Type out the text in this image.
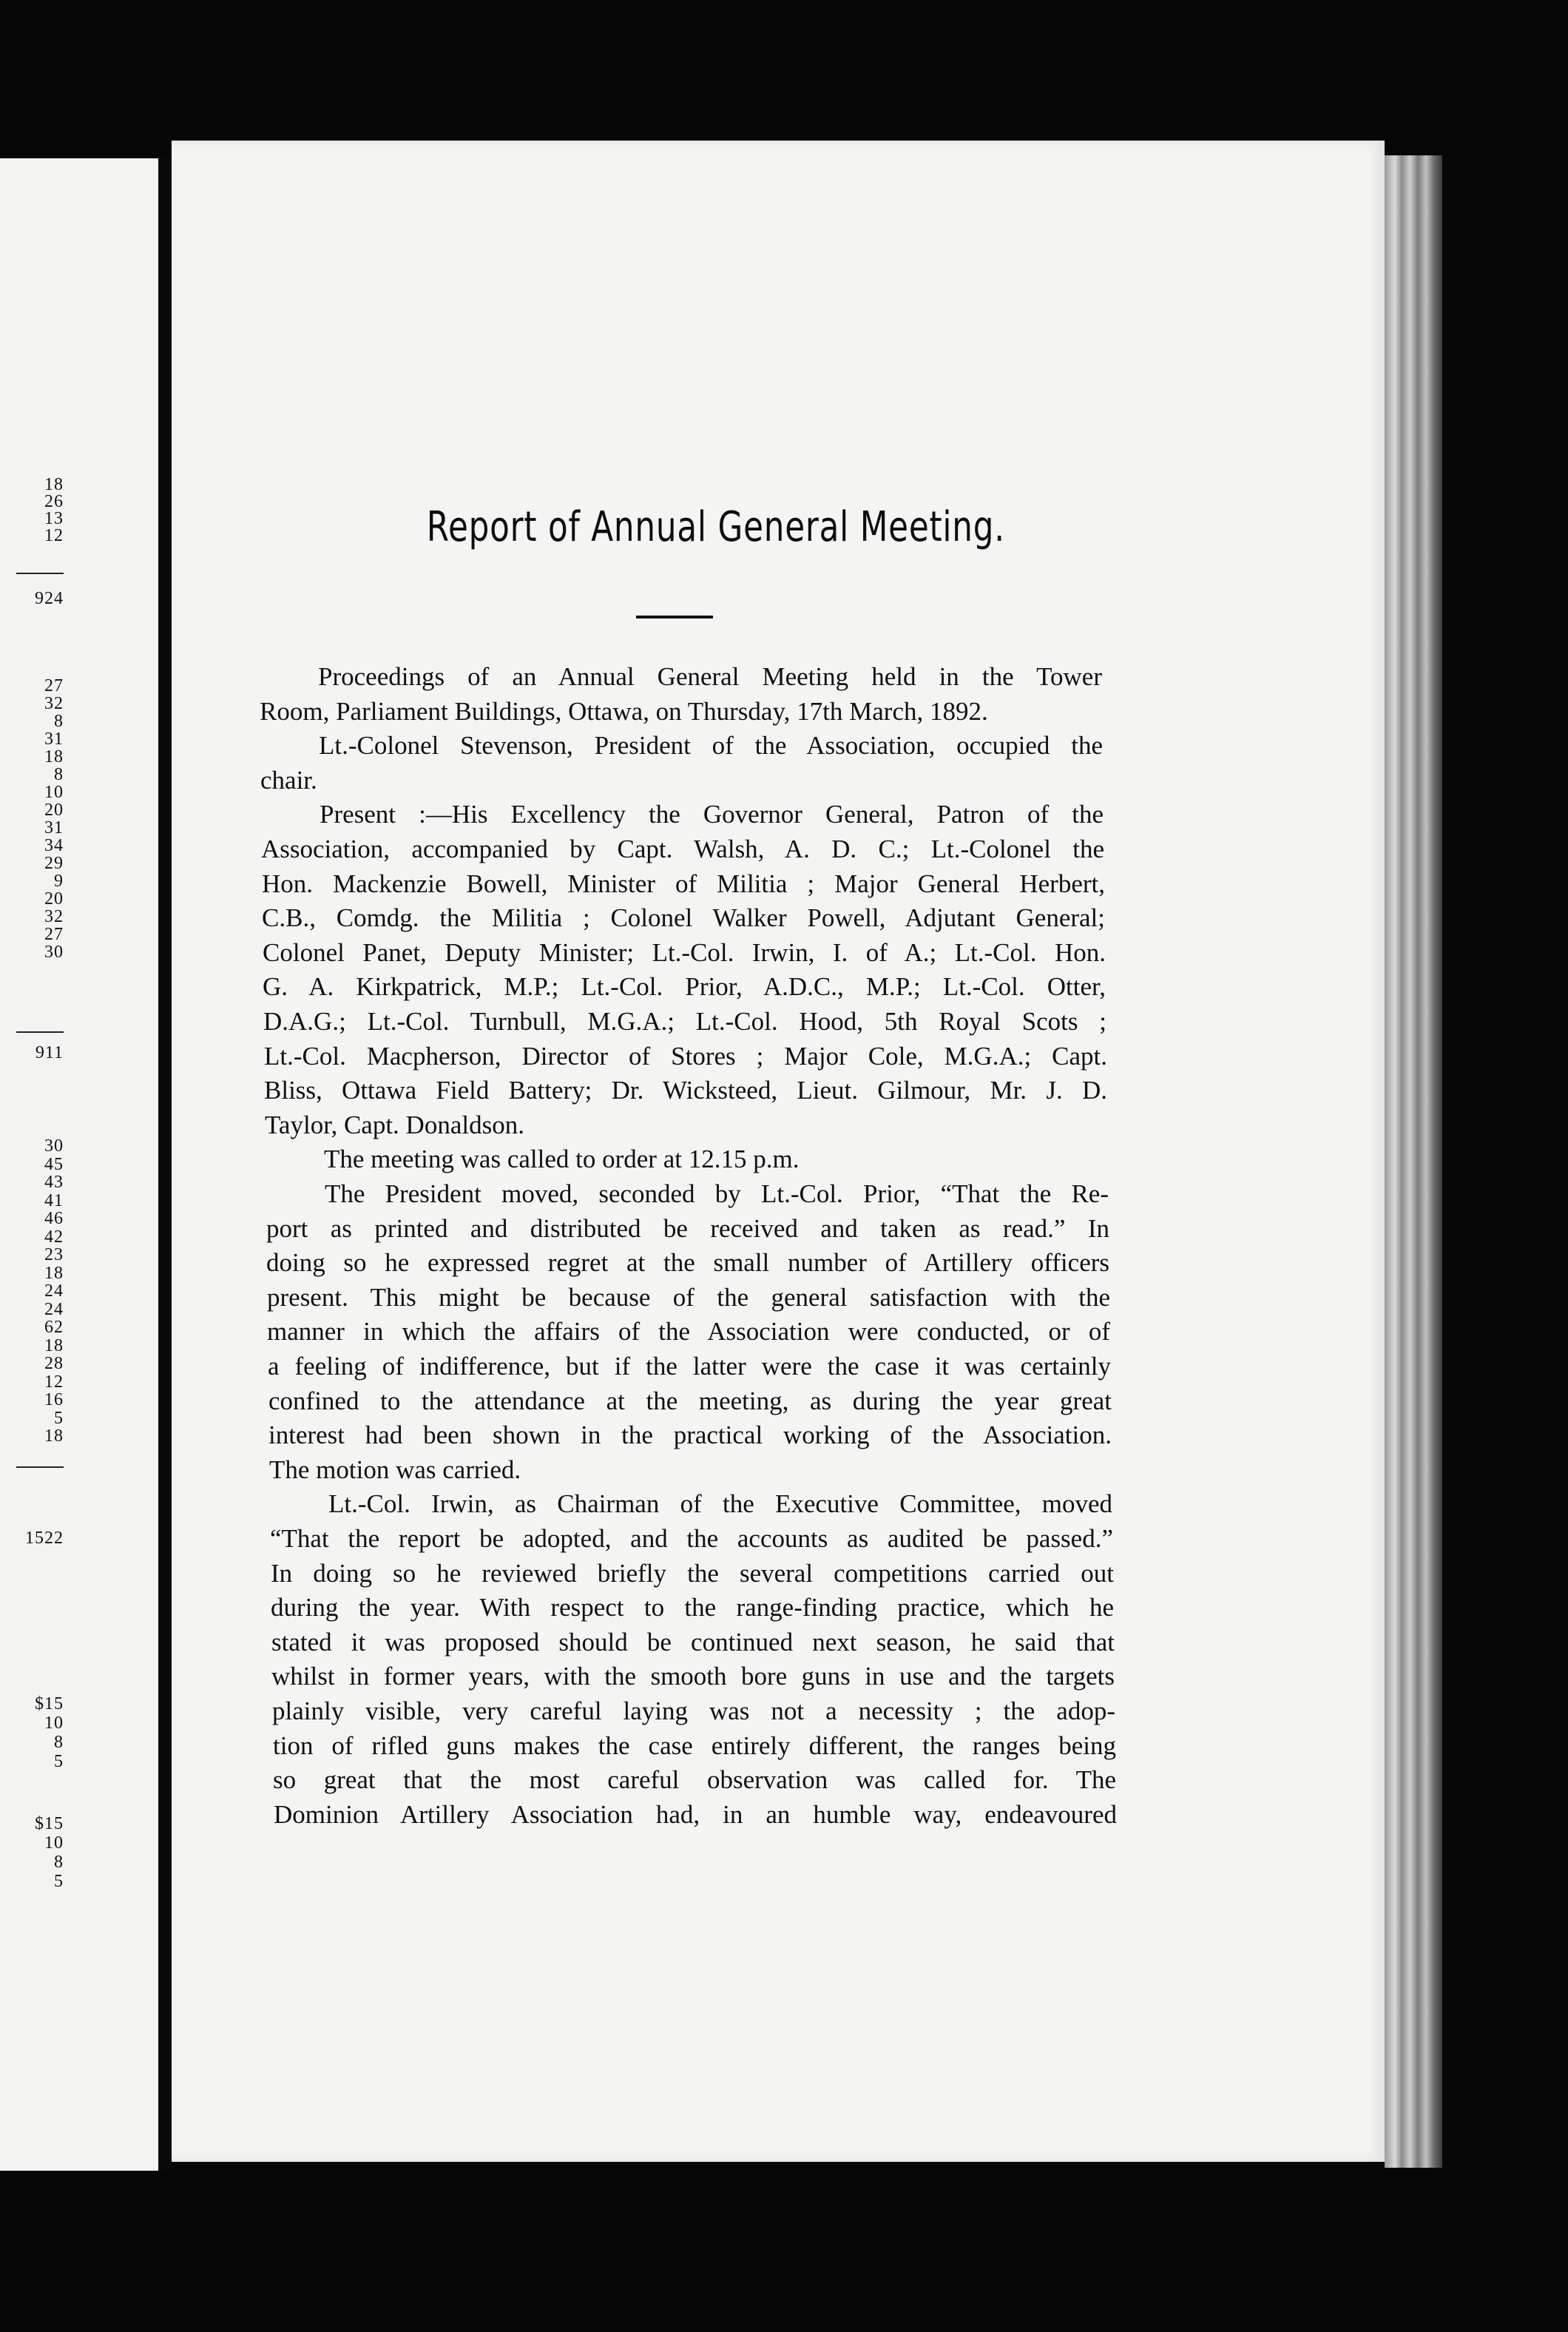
18
26
13
12
924
27
32
8
31
18
8
10
20
31
34
29
9
20
32
27
30
911
30
45
43
41
46
42
23
18
24
24
62
18
28
12
16
5
18
1522
$15
10
8
5
$15
10
8
5
Report of Annual General Meeting.
Proceedings of an Annual General Meeting held in the Tower
Room, Parliament Buildings, Ottawa, on Thursday, 17th March, 1892.
Lt.-Colonel Stevenson, President of the Association, occupied the
chair.
Present :—His Excellency the Governor General, Patron of the
Association, accompanied by Capt. Walsh, A. D. C.; Lt.-Colonel the
Hon. Mackenzie Bowell, Minister of Militia ; Major General Herbert,
C.B., Comdg. the Militia ; Colonel Walker Powell, Adjutant General;
Colonel Panet, Deputy Minister; Lt.-Col. Irwin, I. of A.; Lt.-Col. Hon.
G. A. Kirkpatrick, M.P.; Lt.-Col. Prior, A.D.C., M.P.; Lt.-Col. Otter,
D.A.G.; Lt.-Col. Turnbull, M.G.A.; Lt.-Col. Hood, 5th Royal Scots ;
Lt.-Col. Macpherson, Director of Stores ; Major Cole, M.G.A.; Capt.
Bliss, Ottawa Field Battery; Dr. Wicksteed, Lieut. Gilmour, Mr. J. D.
Taylor, Capt. Donaldson.
The meeting was called to order at 12.15 p.m.
The President moved, seconded by Lt.-Col. Prior, “That the Re-
port as printed and distributed be received and taken as read.” In
doing so he expressed regret at the small number of Artillery officers
present. This might be because of the general satisfaction with the
manner in which the affairs of the Association were conducted, or of
a feeling of indifference, but if the latter were the case it was certainly
confined to the attendance at the meeting, as during the year great
interest had been shown in the practical working of the Association.
The motion was carried.
Lt.-Col. Irwin, as Chairman of the Executive Committee, moved
“That the report be adopted, and the accounts as audited be passed.”
In doing so he reviewed briefly the several competitions carried out
during the year. With respect to the range-finding practice, which he
stated it was proposed should be continued next season, he said that
whilst in former years, with the smooth bore guns in use and the targets
plainly visible, very careful laying was not a necessity ; the adop-
tion of rifled guns makes the case entirely different, the ranges being
so great that the most careful observation was called for. The
Dominion Artillery Association had, in an humble way, endeavoured
